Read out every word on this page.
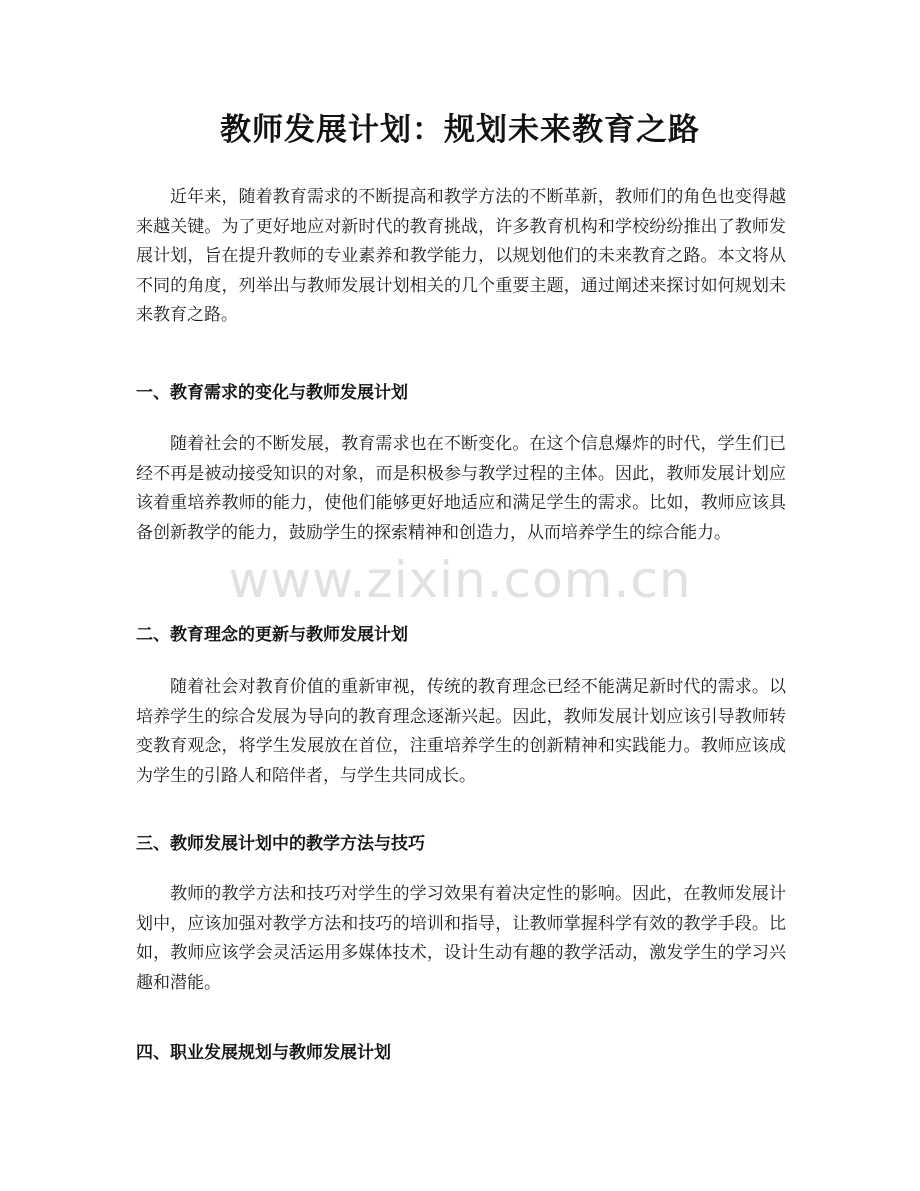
教师发展计划：规划未来教育之路

近年来，随着教育需求的不断提高和教学方法的不断革新，教师们的角色也变得越来越关键。为了更好地应对新时代的教育挑战，许多教育机构和学校纷纷推出了教师发展计划，旨在提升教师的专业素养和教学能力，以规划他们的未来教育之路。本文将从不同的角度，列举出与教师发展计划相关的几个重要主题，通过阐述来探讨如何规划未来教育之路。

一、教育需求的变化与教师发展计划

随着社会的不断发展，教育需求也在不断变化。在这个信息爆炸的时代，学生们已经不再是被动接受知识的对象，而是积极参与教学过程的主体。因此，教师发展计划应该着重培养教师的能力，使他们能够更好地适应和满足学生的需求。比如，教师应该具备创新教学的能力，鼓励学生的探索精神和创造力，从而培养学生的综合能力。

二、教育理念的更新与教师发展计划

随着社会对教育价值的重新审视，传统的教育理念已经不能满足新时代的需求。以培养学生的综合发展为导向的教育理念逐渐兴起。因此，教师发展计划应该引导教师转变教育观念，将学生发展放在首位，注重培养学生的创新精神和实践能力。教师应该成为学生的引路人和陪伴者，与学生共同成长。

三、教师发展计划中的教学方法与技巧

教师的教学方法和技巧对学生的学习效果有着决定性的影响。因此，在教师发展计划中，应该加强对教学方法和技巧的培训和指导，让教师掌握科学有效的教学手段。比如，教师应该学会灵活运用多媒体技术，设计生动有趣的教学活动，激发学生的学习兴趣和潜能。

四、职业发展规划与教师发展计划
www.zixin.com.cn
